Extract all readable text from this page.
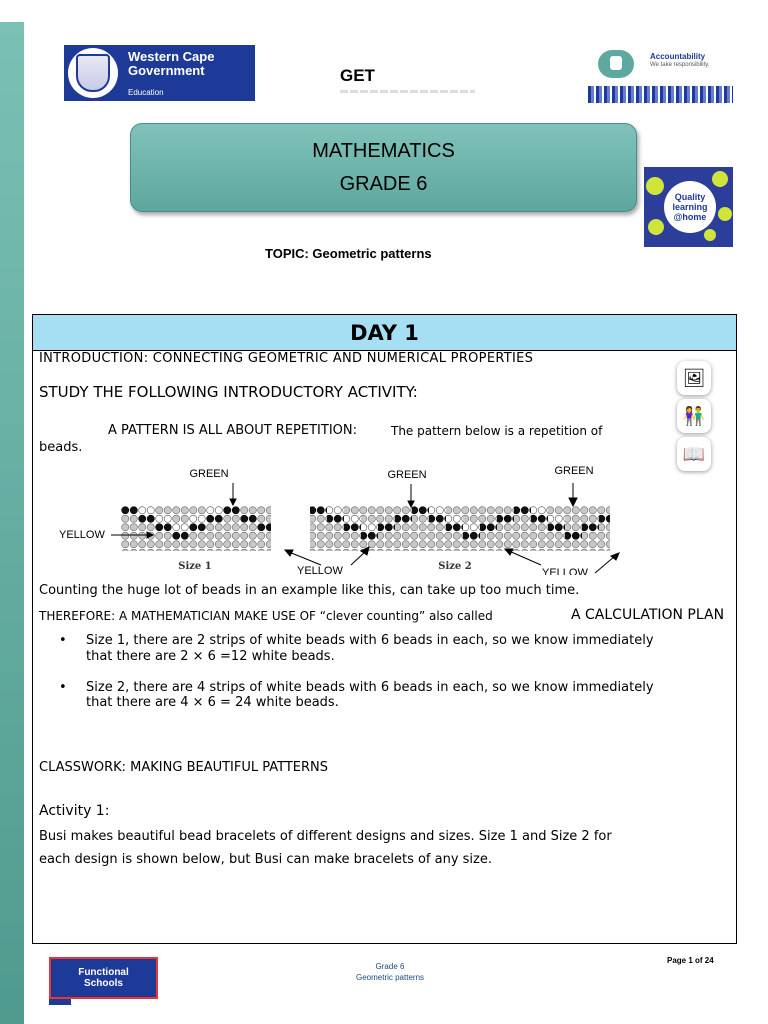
Western Cape
Government
Education
GET
Accountability
We take responsibility.
MATHEMATICS
GRADE 6
Quality
learning
@home
TOPIC: Geometric patterns
DAY 1
INTRODUCTION: CONNECTING GEOMETRIC AND NUMERICAL PROPERTIES
STUDY THE FOLLOWING INTRODUCTORY ACTIVITY:
A PATTERN IS ALL ABOUT REPETITION:	The pattern below is a repetition of
beads.
🖼
👫
📖
GREEN	GREEN	GREEN
YELLOW
YELLOW	YELLOW
Size 1	Size 2
Counting the huge lot of beads in an example like this, can take up too much time.
THEREFORE: A MATHEMATICIAN MAKE USE OF “clever counting” also called	A CALCULATION PLAN
• Size 1, there are 2 strips of white beads with 6 beads in each, so we know immediately
that there are 2 × 6 =12 white beads.
• Size 2, there are 4 strips of white beads with 6 beads in each, so we know immediately
that there are 4 × 6 = 24 white beads.
CLASSWORK: MAKING BEAUTIFUL PATTERNS
Activity 1:
Busi makes beautiful bead bracelets of different designs and sizes. Size 1 and Size 2 for
each design is shown below, but Busi can make bracelets of any size.
Functional
Schools
Grade 6
Geometric patterns
Page 1 of 24
